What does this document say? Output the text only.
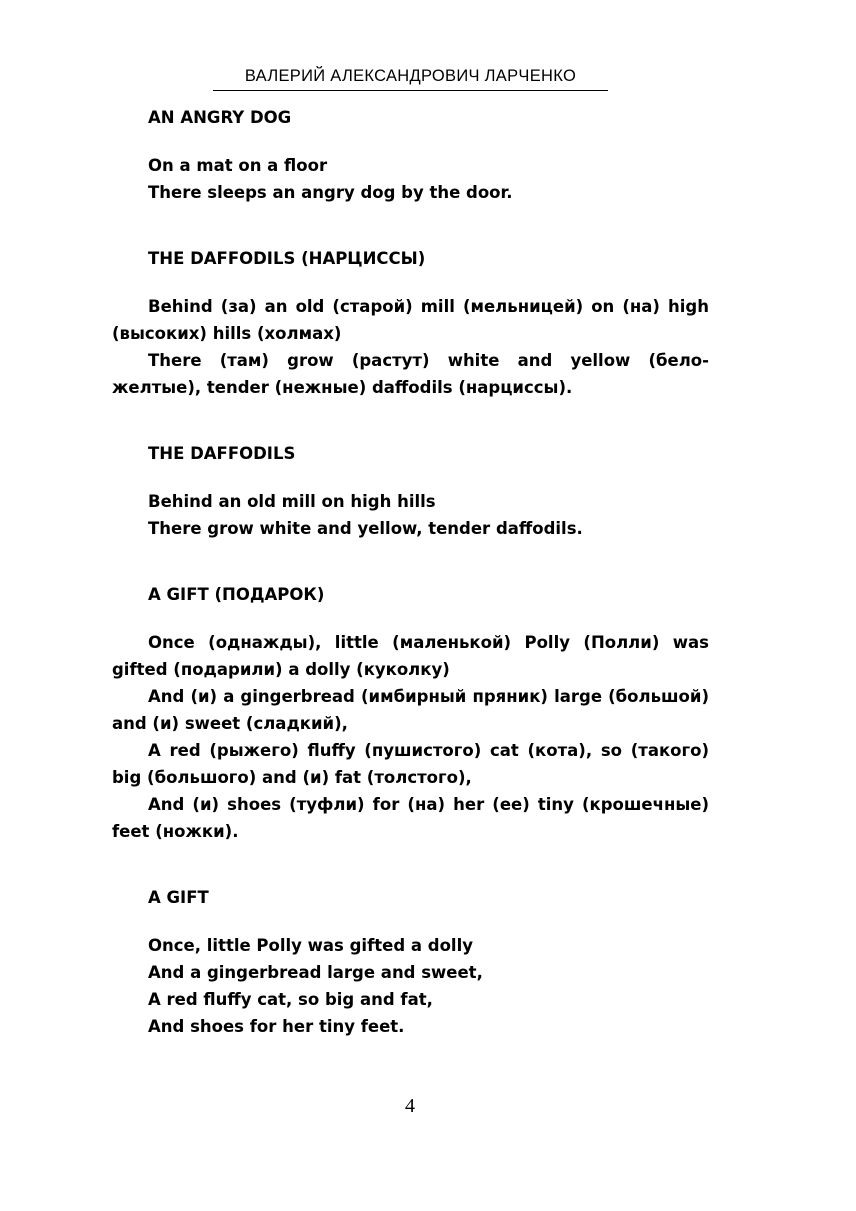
ВАЛЕРИЙ АЛЕКСАНДРОВИЧ ЛАРЧЕНКО
AN ANGRY DOG

On a mat on a floor

There sleeps an angry dog by the door.

THE DAFFODILS (НАРЦИССЫ)

Behind (за) an old (старой) mill (мельницей) on (на) high (высоких) hills (холмах)

There (там) grow (растут) white and yellow (бело-желтые), tender (нежные) daffodils (нарциссы).

THE DAFFODILS

Behind an old mill on high hills

There grow white and yellow, tender daffodils.

A GIFT (ПОДАРОК)

Once (однажды), little (маленькой) Polly (Полли) was gifted (подарили) a dolly (куколку)

And (и) a gingerbread (имбирный пряник) large (большой) and (и) sweet (сладкий),

A red (рыжего) fluffy (пушистого) cat (кота), so (такого) big (большого) and (и) fat (толстого),

And (и) shoes (туфли) for (на) her (ее) tiny (крошечные) feet (ножки).

A GIFT

Once, little Polly was gifted a dolly

And a gingerbread large and sweet,

A red fluffy cat, so big and fat,

And shoes for her tiny feet.

4
